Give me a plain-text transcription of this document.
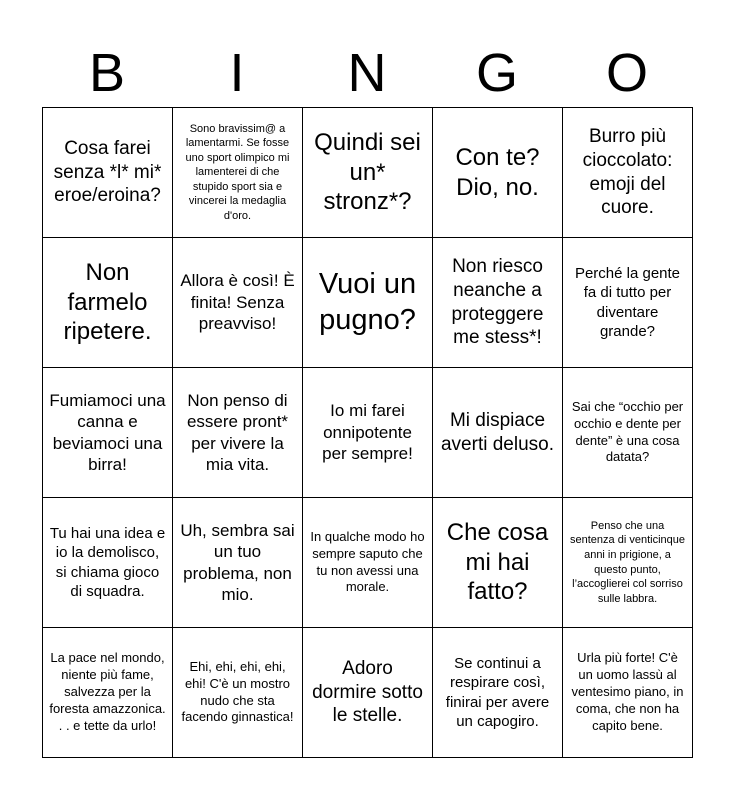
B	I	N	G	O
Cosa farei senza *l* mi* eroe/eroina?	Sono bravissim@ a lamentarmi. Se fosse uno sport olimpico mi lamenterei di che stupido sport sia e vincerei la medaglia d'oro.	Quindi sei un* stronz*?	Con te? Dio, no.	Burro più cioccolato: emoji del cuore.
Non farmelo ripetere.	Allora è così! È finita! Senza preavviso!	Vuoi un pugno?	Non riesco neanche a proteggere me stess*!	Perché la gente fa di tutto per diventare grande?
Fumiamoci una canna e beviamoci una birra!	Non penso di essere pront* per vivere la mia vita.	Io mi farei onnipotente per sempre!	Mi dispiace averti deluso.	Sai che “occhio per occhio e dente per dente” è una cosa datata?
Tu hai una idea e io la demolisco, si chiama gioco di squadra.	Uh, sembra sai un tuo problema, non mio.	In qualche modo ho sempre saputo che tu non avessi una morale.	Che cosa mi hai fatto?	Penso che una sentenza di venticinque anni in prigione, a questo punto, l’accoglierei col sorriso sulle labbra.
La pace nel mondo, niente più fame, salvezza per la foresta amazzonica. . . e tette da urlo!	Ehi, ehi, ehi, ehi, ehi! C'è un mostro nudo che sta facendo ginnastica!	Adoro dormire sotto le stelle.	Se continui a respirare così, finirai per avere un capogiro.	Urla più forte! C'è un uomo lassù al ventesimo piano, in coma, che non ha capito bene.
